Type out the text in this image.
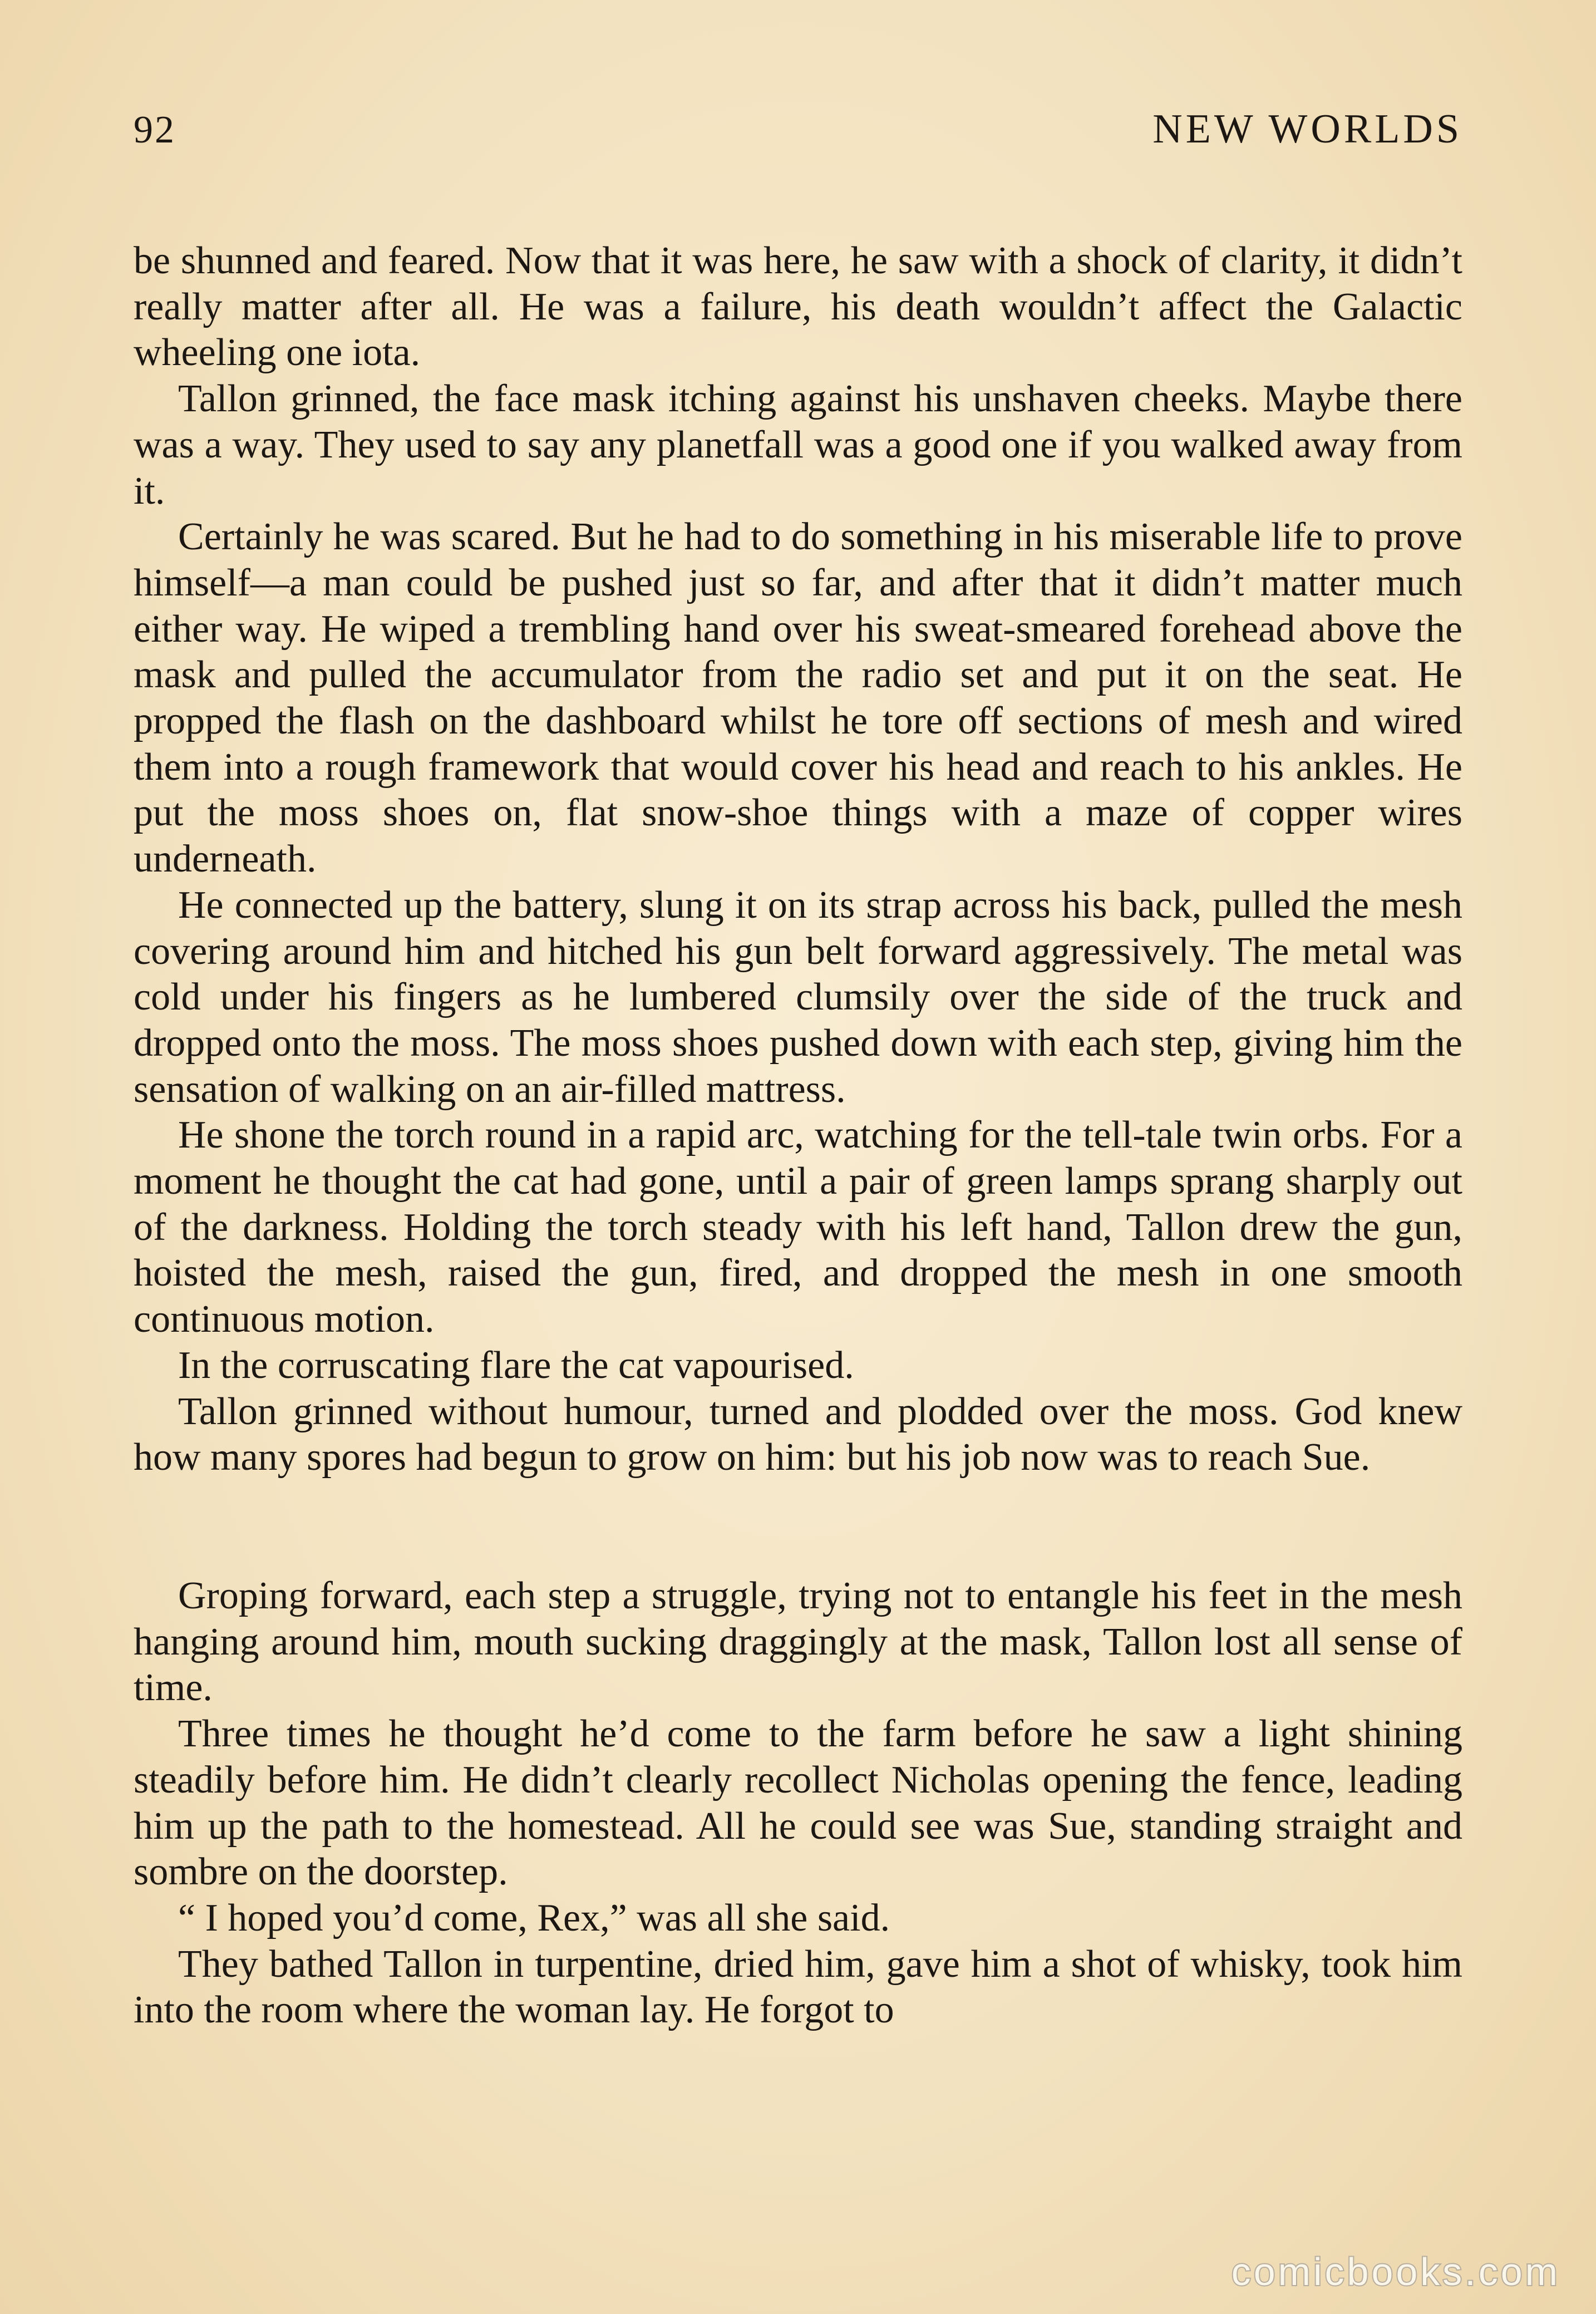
92	NEW WORLDS

be shunned and feared. Now that it was here, he saw with a shock of clarity, it didn’t really matter after all. He was a failure, his death wouldn’t affect the Galactic wheeling one iota.

Tallon grinned, the face mask itching against his unshaven cheeks. Maybe there was a way. They used to say any planetfall was a good one if you walked away from it.

Certainly he was scared. But he had to do something in his miserable life to prove himself—a man could be pushed just so far, and after that it didn’t matter much either way. He wiped a trembling hand over his sweat-smeared forehead above the mask and pulled the accumulator from the radio set and put it on the seat. He propped the flash on the dashboard whilst he tore off sections of mesh and wired them into a rough framework that would cover his head and reach to his ankles. He put the moss shoes on, flat snow-shoe things with a maze of copper wires underneath.

He connected up the battery, slung it on its strap across his back, pulled the mesh covering around him and hitched his gun belt forward aggressively. The metal was cold under his fingers as he lumbered clumsily over the side of the truck and dropped onto the moss. The moss shoes pushed down with each step, giving him the sensation of walking on an air-filled mattress.

He shone the torch round in a rapid arc, watching for the tell-tale twin orbs. For a moment he thought the cat had gone, until a pair of green lamps sprang sharply out of the darkness. Holding the torch steady with his left hand, Tallon drew the gun, hoisted the mesh, raised the gun, fired, and dropped the mesh in one smooth continuous motion.

In the corruscating flare the cat vapourised.

Tallon grinned without humour, turned and plodded over the moss. God knew how many spores had begun to grow on him: but his job now was to reach Sue.

Groping forward, each step a struggle, trying not to entangle his feet in the mesh hanging around him, mouth sucking draggingly at the mask, Tallon lost all sense of time.

Three times he thought he’d come to the farm before he saw a light shining steadily before him. He didn’t clearly recollect Nicholas opening the fence, leading him up the path to the homestead. All he could see was Sue, standing straight and sombre on the doorstep.

“ I hoped you’d come, Rex,” was all she said.

They bathed Tallon in turpentine, dried him, gave him a shot of whisky, took him into the room where the woman lay. He forgot to

comicbooks.com
